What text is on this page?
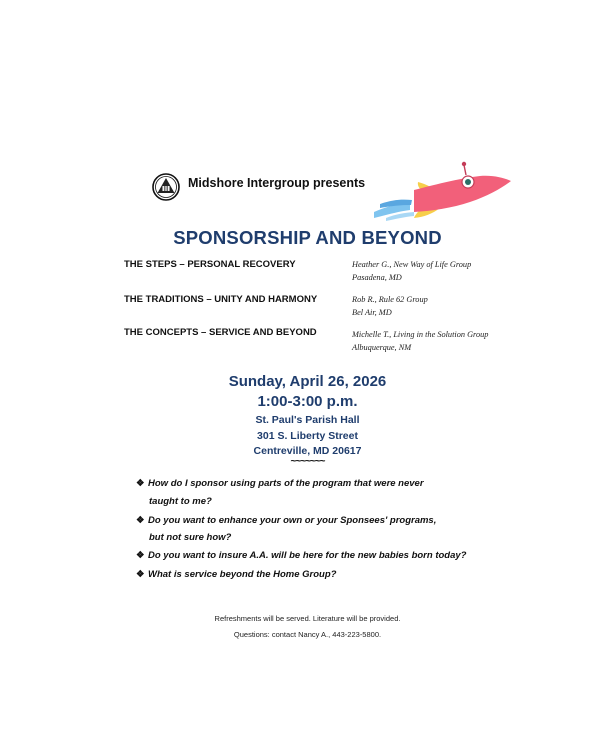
Midshore Intergroup presents
SPONSORSHIP AND BEYOND
THE STEPS – PERSONAL RECOVERY	Heather G., New Way of Life Group
Pasadena, MD
THE TRADITIONS – UNITY AND HARMONY	Rob R., Rule 62 Group
Bel Air, MD
THE CONCEPTS – SERVICE AND BEYOND	Michelle T., Living in the Solution Group
Albuquerque, NM
Sunday, April 26, 2026
1:00-3:00 p.m.
St. Paul's Parish Hall
301 S. Liberty Street
Centreville, MD 20617
~~~~~~~
❖ How do I sponsor using parts of the program that were never
taught to me?
❖ Do you want to enhance your own or your Sponsees' programs,
but not sure how?
❖ Do you want to insure A.A. will be here for the new babies born today?
❖ What is service beyond the Home Group?
Refreshments will be served. Literature will be provided.
Questions: contact Nancy A., 443-223-5800.
